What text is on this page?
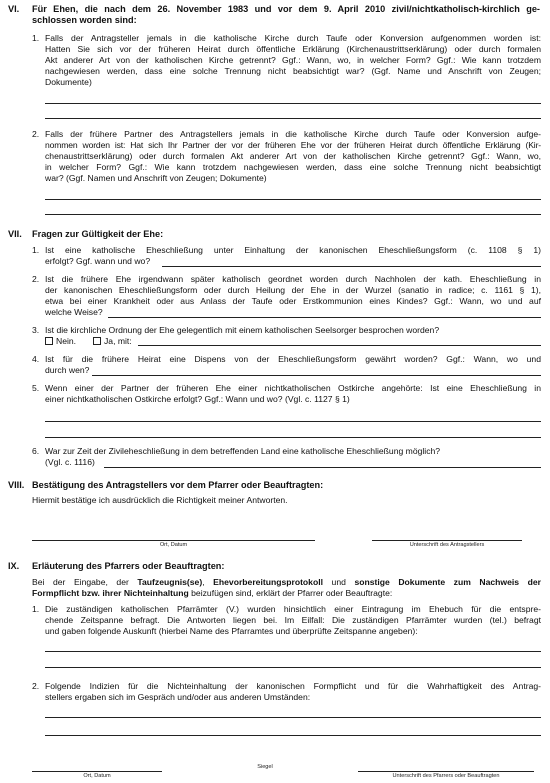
VI. Für Ehen, die nach dem 26. November 1983 und vor dem 9. April 2010 zivil/nichtkatholisch-kirchlich ge-
schlossen worden sind:
1. Falls der Antragsteller jemals in die katholische Kirche durch Taufe oder Konversion aufgenommen worden ist:
Hatten Sie sich vor der früheren Heirat durch öffentliche Erklärung (Kirchenaustrittserklärung) oder durch formalen
Akt anderer Art von der katholischen Kirche getrennt? Ggf.: Wann, wo, in welcher Form? Ggf.: Wie kann trotzdem
nachgewiesen werden, dass eine solche Trennung nicht beabsichtigt war? (Ggf. Name und Anschrift von Zeugen;
Dokumente)
2. Falls der frühere Partner des Antragstellers jemals in die katholische Kirche durch Taufe oder Konversion aufge-
nommen worden ist: Hat sich Ihr Partner der vor der früheren Ehe vor der früheren Heirat durch öffentliche Erklärung (Kir-
chenaustrittserklärung) oder durch formalen Akt anderer Art von der katholischen Kirche getrennt? Ggf.: Wann, wo,
in welcher Form? Ggf.: Wie kann trotzdem nachgewiesen werden, dass eine solche Trennung nicht beabsichtigt
war? (Ggf. Namen und Anschrift von Zeugen; Dokumente)
VII. Fragen zur Gültigkeit der Ehe:
1. Ist eine katholische Eheschließung unter Einhaltung der kanonischen Eheschließungsform (c. 1108 § 1)
erfolgt? Ggf. wann und wo?
2. Ist die frühere Ehe irgendwann später katholisch geordnet worden durch Nachholen der kath. Eheschließung in
der kanonischen Eheschließungsform oder durch Heilung der Ehe in der Wurzel (sanatio in radice; c. 1161 § 1),
etwa bei einer Krankheit oder aus Anlass der Taufe oder Erstkommunion eines Kindes? Ggf.: Wann, wo und auf
welche Weise?
3. Ist die kirchliche Ordnung der Ehe gelegentlich mit einem katholischen Seelsorger besprochen worden?
Nein.	Ja, mit:
4. Ist für die frühere Heirat eine Dispens von der Eheschließungsform gewährt worden? Ggf.: Wann, wo und
durch wen?
5. Wenn einer der Partner der früheren Ehe einer nichtkatholischen Ostkirche angehörte: Ist eine Eheschließung in
einer nichtkatholischen Ostkirche erfolgt? Ggf.: Wann und wo? (Vgl. c. 1127 § 1)
6. War zur Zeit der Zivileheschließung in dem betreffenden Land eine katholische Eheschließung möglich?
(Vgl. c. 1116)
VIII. Bestätigung des Antragstellers vor dem Pfarrer oder Beauftragten:
Hiermit bestätige ich ausdrücklich die Richtigkeit meiner Antworten.
Ort, Datum	Unterschrift des Antragstellers
IX. Erläuterung des Pfarrers oder Beauftragten:
Bei der Eingabe, der Taufzeugnis(se), Ehevorbereitungsprotokoll und sonstige Dokumente zum Nachweis der
Formpflicht bzw. ihrer Nichteinhaltung beizufügen sind, erklärt der Pfarrer oder Beauftragte:
1. Die zuständigen katholischen Pfarrämter (V.) wurden hinsichtlich einer Eintragung im Ehebuch für die entspre-
chende Zeitspanne befragt. Die Antworten liegen bei. Im Eilfall: Die zuständigen Pfarrämter wurden (tel.) befragt
und gaben folgende Auskunft (hierbei Name des Pfarramtes und überprüfte Zeitspanne angeben):
2. Folgende Indizien für die Nichteinhaltung der kanonischen Formpflicht und für die Wahrhaftigkeit des Antrag-
stellers ergaben sich im Gespräch und/oder aus anderen Umständen:
Ort, Datum
Siegel
Unterschrift des Pfarrers oder Beauftragten
